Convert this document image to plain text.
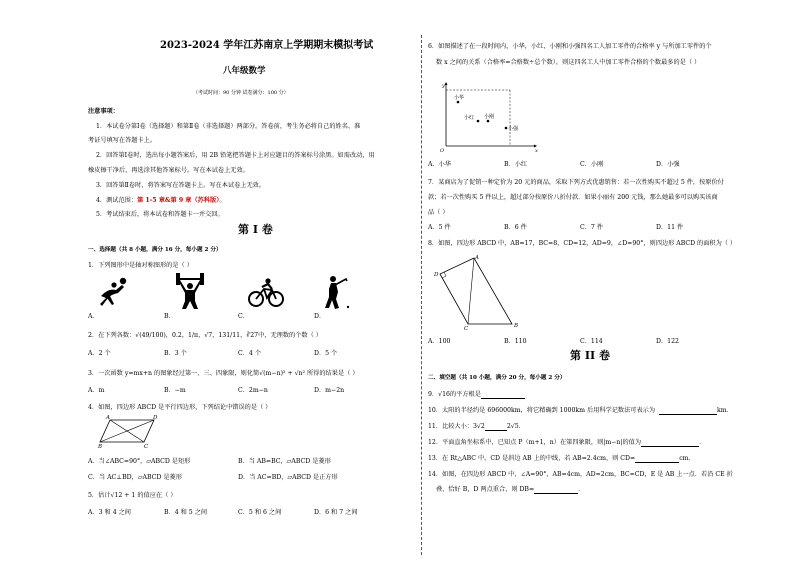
2023-2024 学年江苏南京上学期期末模拟考试
八年级数学
（考试时间：90 分钟 试卷满分：100 分）
注意事项：
1．本试卷分第Ⅰ卷（选择题）和第Ⅱ卷（非选择题）两部分。答卷前，考生务必将自己的姓名、准
考证号填写在答题卡上。
2．回答第Ⅰ卷时，选出每小题答案后，用 2B 铅笔把答题卡上对应题目的答案标号涂黑。如需改动，用
橡皮擦干净后，再选涂其他答案标号。写在本试卷上无效。
3．回答第Ⅱ卷时，将答案写在答题卡上。写在本试卷上无效。
4．测试范围：第 1-5 章&第 9 章（苏科版）。
5．考试结束后，将本试卷和答题卡一并交回。
第 I 卷
一、选择题（共 8 小题，满分 16 分，每小题 2 分）
1．下列图形中是轴对称图形的是（ ）
A．	B．	C．	D．
2．在下列各数：√(49/100)，0.2，1/π，√7，131/11，∛27中，无理数的个数（ ）
A．2 个	B．3 个	C．4 个	D．5 个
3．一次函数 y=mx+n 的图象经过第一、三、四象限，则化简√(m−n)² + √n² 所得的结果是（ ）
A．m	B．−m	C．2m−n	D．m−2n
4．如图，四边形 ABCD 是平行四边形，下列结论中错误的是（ ）
A
B	C
D
A．当∠ABC=90°，▱ABCD 是矩形	B．当 AB=BC，▱ABCD 是菱形
C．当 AC⊥BD，▱ABCD 是菱形	D．当 AC=BD，▱ABCD 是正方形
5．估计√12 + 1 的值应在（ ）
A．3 和 4 之间	B．4 和 5 之间	C．5 和 6 之间	D．6 和 7 之间
6．如图描述了在一段时间内，小华，小红，小刚和小强四名工人加工零件的合格率 y 与所加工零件的个
数 x 之间的关系（合格率=合格数÷总个数），则这四名工人中加工零件合格的个数最多的是（ ）
y
x
O
小华
小红 小刚
小强
A．小华	B．小红	C．小刚	D．小强
7．某商店为了促销一种定价为 20 元的商品，采取下列方式优惠销售：若一次性购买不超过 5 件，按原价付
款；若一次性购买 5 件以上，超过部分按原价八折付款．如果小丽有 200 元钱，那么她最多可以购买该商
品（ ）
A．5 件	B．6 件	C．7 件	D．11 件
8．如图，四边形 ABCD 中，AB=17，BC=8，CD=12，AD=9，∠D=90°，则四边形 ABCD 的面积为（ ）
A
B
C
D
A．100	B．110	C．114	D．122
第 II 卷
二、填空题（共 10 小题，满分 20 分，每小题 2 分）
9．√16的平方根是
10．太阳的半径约是 696000km，将它精确到 1000km 后用科学记数法可表示为	km．
11．比较大小：3√2	2√5．
12．平面直角坐标系中，已知点 P（m+1，n）在第四象限，则|m−n|的值为	．
13．在 Rt△ABC 中，CD 是斜边 AB 上的中线，若 AB=2.4cm，则 CD=	cm．
14．如图，在四边形 ABCD 中，∠A=90°，AB=4cm，AD=2cm，BC=CD，E 是 AB 上一点．若沿 CE 折
叠，恰好 B，D 两点重合，则 DB=	．
